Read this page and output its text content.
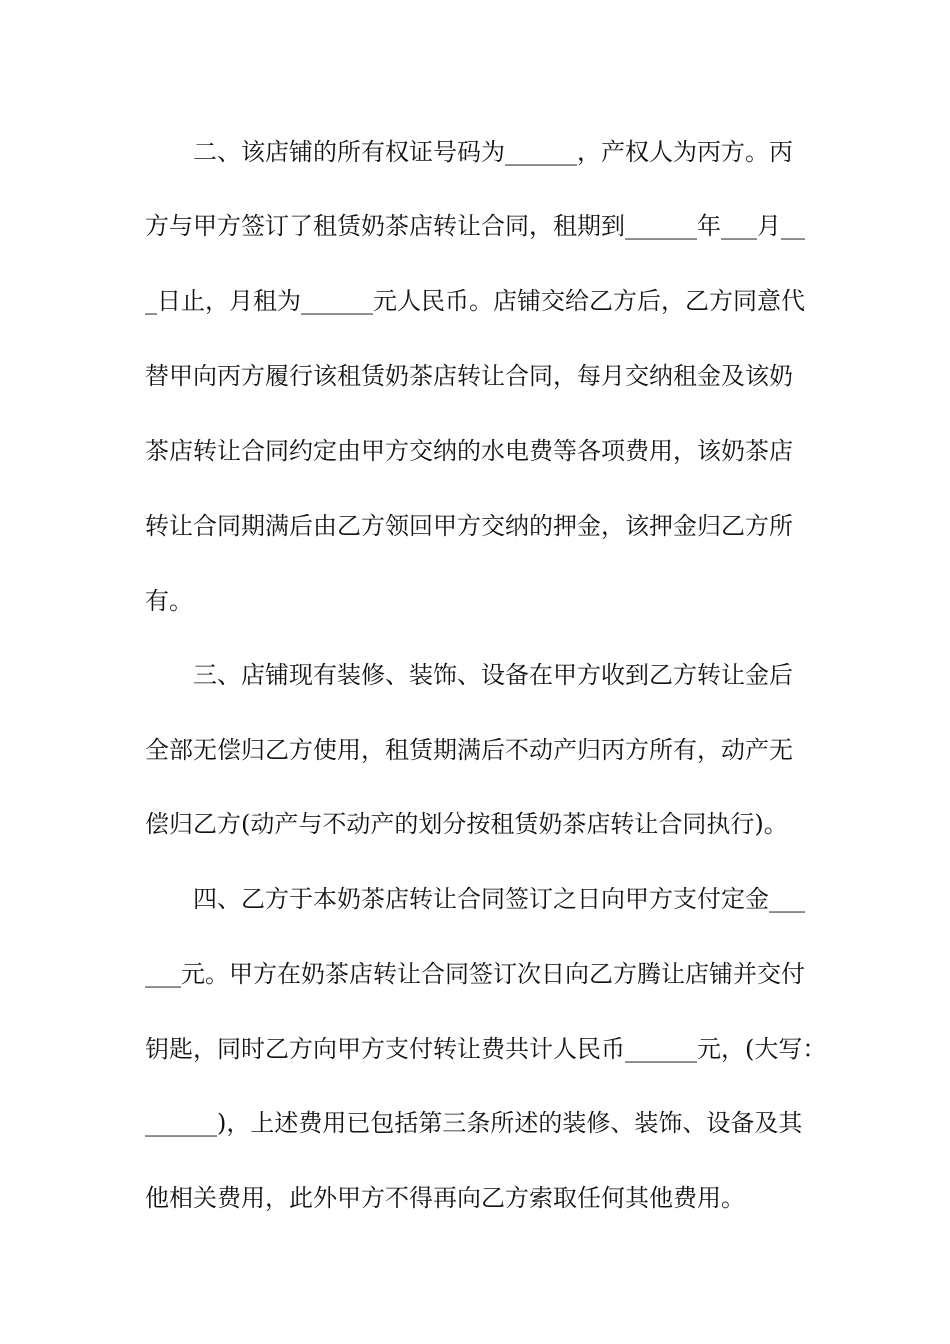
　　二、该店铺的所有权证号码为______，产权人为丙方。丙
方与甲方签订了租赁奶茶店转让合同，租期到______年___月__
_日止，月租为______元人民币。店铺交给乙方后，乙方同意代
替甲向丙方履行该租赁奶茶店转让合同，每月交纳租金及该奶
茶店转让合同约定由甲方交纳的水电费等各项费用，该奶茶店
转让合同期满后由乙方领回甲方交纳的押金，该押金归乙方所
有。
　　三、店铺现有装修、装饰、设备在甲方收到乙方转让金后
全部无偿归乙方使用，租赁期满后不动产归丙方所有，动产无
偿归乙方(动产与不动产的划分按租赁奶茶店转让合同执行)。
　　四、乙方于本奶茶店转让合同签订之日向甲方支付定金___
___元。甲方在奶茶店转让合同签订次日向乙方腾让店铺并交付
钥匙，同时乙方向甲方支付转让费共计人民币______元，(大写：
______)，上述费用已包括第三条所述的装修、装饰、设备及其
他相关费用，此外甲方不得再向乙方索取任何其他费用。
